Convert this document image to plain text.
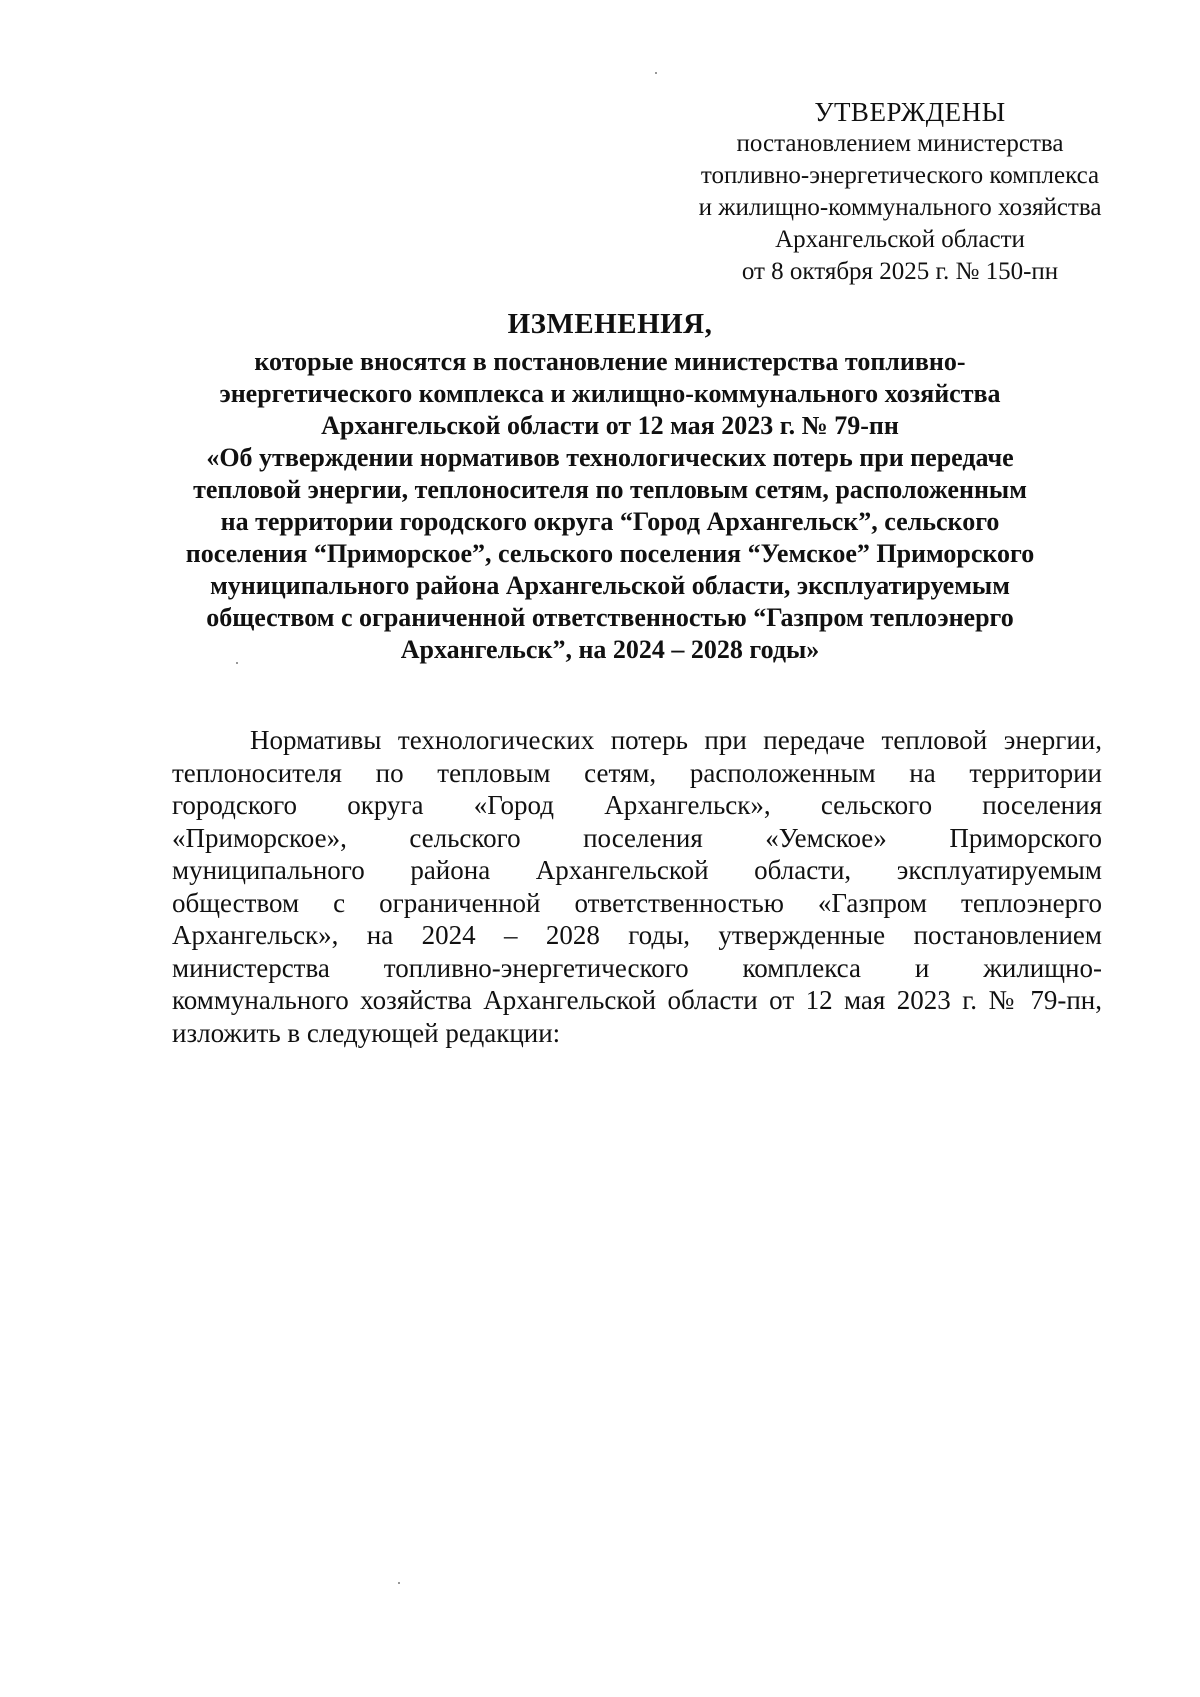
УТВЕРЖДЕНЫ
постановлением министерства
топливно-энергетического комплекса
и жилищно-коммунального хозяйства
Архангельской области
от 8 октября 2025 г. № 150-пн
ИЗМЕНЕНИЯ,
которые вносятся в постановление министерства топливно-
энергетического комплекса и жилищно-коммунального хозяйства
Архангельской области от 12 мая 2023 г. № 79-пн
«Об утверждении нормативов технологических потерь при передаче
тепловой энергии, теплоносителя по тепловым сетям, расположенным
на территории городского округа “Город Архангельск”, сельского
поселения “Приморское”, сельского поселения “Уемское” Приморского
муниципального района Архангельской области, эксплуатируемым
обществом с ограниченной ответственностью “Газпром теплоэнерго
Архангельск”, на 2024 – 2028 годы»
Нормативы технологических потерь при передаче тепловой энергии,
теплоносителя по тепловым сетям, расположенным на территории
городского округа «Город Архангельск», сельского поселения
«Приморское», сельского поселения «Уемское» Приморского
муниципального района Архангельской области, эксплуатируемым
обществом с ограниченной ответственностью «Газпром теплоэнерго
Архангельск», на 2024 – 2028 годы, утвержденные постановлением
министерства топливно-энергетического комплекса и жилищно-
коммунального хозяйства Архангельской области от 12 мая 2023 г. № 79-пн,
изложить в следующей редакции:
